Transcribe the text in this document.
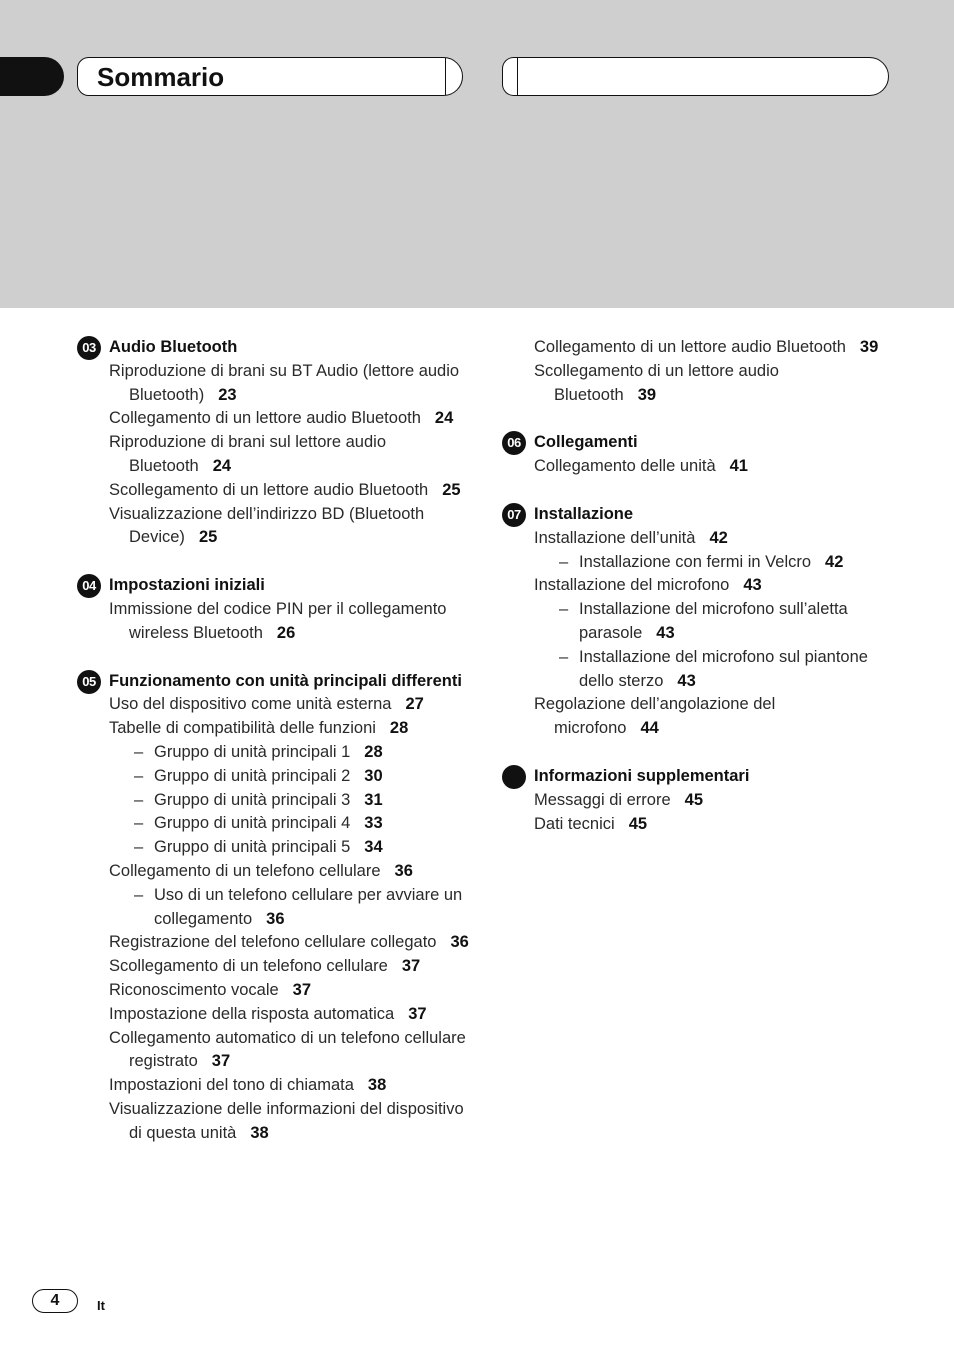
Sommario
03 Audio Bluetooth
Riproduzione di brani su BT Audio (lettore audio Bluetooth) 23
Collegamento di un lettore audio Bluetooth 24
Riproduzione di brani sul lettore audio Bluetooth 24
Scollegamento di un lettore audio Bluetooth 25
Visualizzazione dell’indirizzo BD (Bluetooth Device) 25
04 Impostazioni iniziali
Immissione del codice PIN per il collegamento wireless Bluetooth 26
05 Funzionamento con unità principali differenti
Uso del dispositivo come unità esterna 27
Tabelle di compatibilità delle funzioni 28
– Gruppo di unità principali 1 28
– Gruppo di unità principali 2 30
– Gruppo di unità principali 3 31
– Gruppo di unità principali 4 33
– Gruppo di unità principali 5 34
Collegamento di un telefono cellulare 36
– Uso di un telefono cellulare per avviare un collegamento 36
Registrazione del telefono cellulare collegato 36
Scollegamento di un telefono cellulare 37
Riconoscimento vocale 37
Impostazione della risposta automatica 37
Collegamento automatico di un telefono cellulare registrato 37
Impostazioni del tono di chiamata 38
Visualizzazione delle informazioni del dispositivo di questa unità 38
Collegamento di un lettore audio Bluetooth 39
Scollegamento di un lettore audio Bluetooth 39
06 Collegamenti
Collegamento delle unità 41
07 Installazione
Installazione dell’unità 42
– Installazione con fermi in Velcro 42
Installazione del microfono 43
– Installazione del microfono sull’aletta parasole 43
– Installazione del microfono sul piantone dello sterzo 43
Regolazione dell’angolazione del microfono 44
Informazioni supplementari
Messaggi di errore 45
Dati tecnici 45
4	It
